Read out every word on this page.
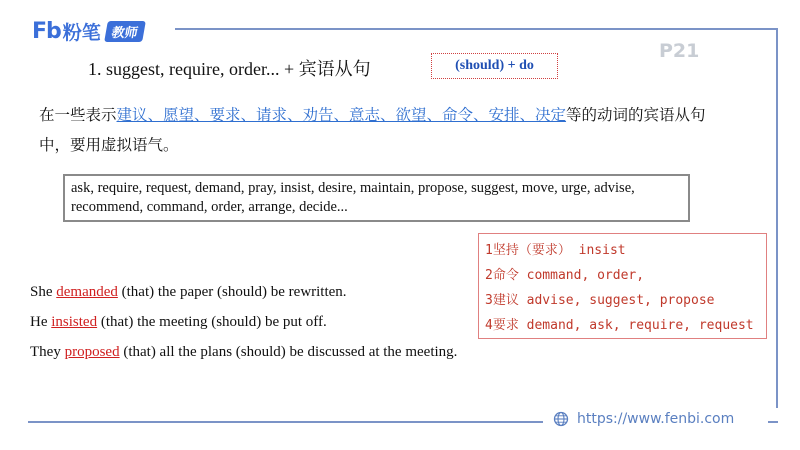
Fb 粉笔 教师
P21
1. suggest, require, order... + 宾语从句	(should) + do
在一些表示建议、愿望、要求、请求、劝告、意志、欲望、命令、安排、决定等的动词的宾语从句中，要用虚拟语气。
ask, require, request, demand, pray, insist, desire, maintain, propose, suggest, move, urge, advise, recommend, command, order, arrange, decide...
1坚持（要求） insist
2命令 command, order,
3建议 advise, suggest, propose
4要求 demand, ask, require, request
She demanded (that) the paper (should) be rewritten.
He insisted (that) the meeting (should) be put off.
They proposed (that) all the plans (should) be discussed at the meeting.
https://www.fenbi.com
